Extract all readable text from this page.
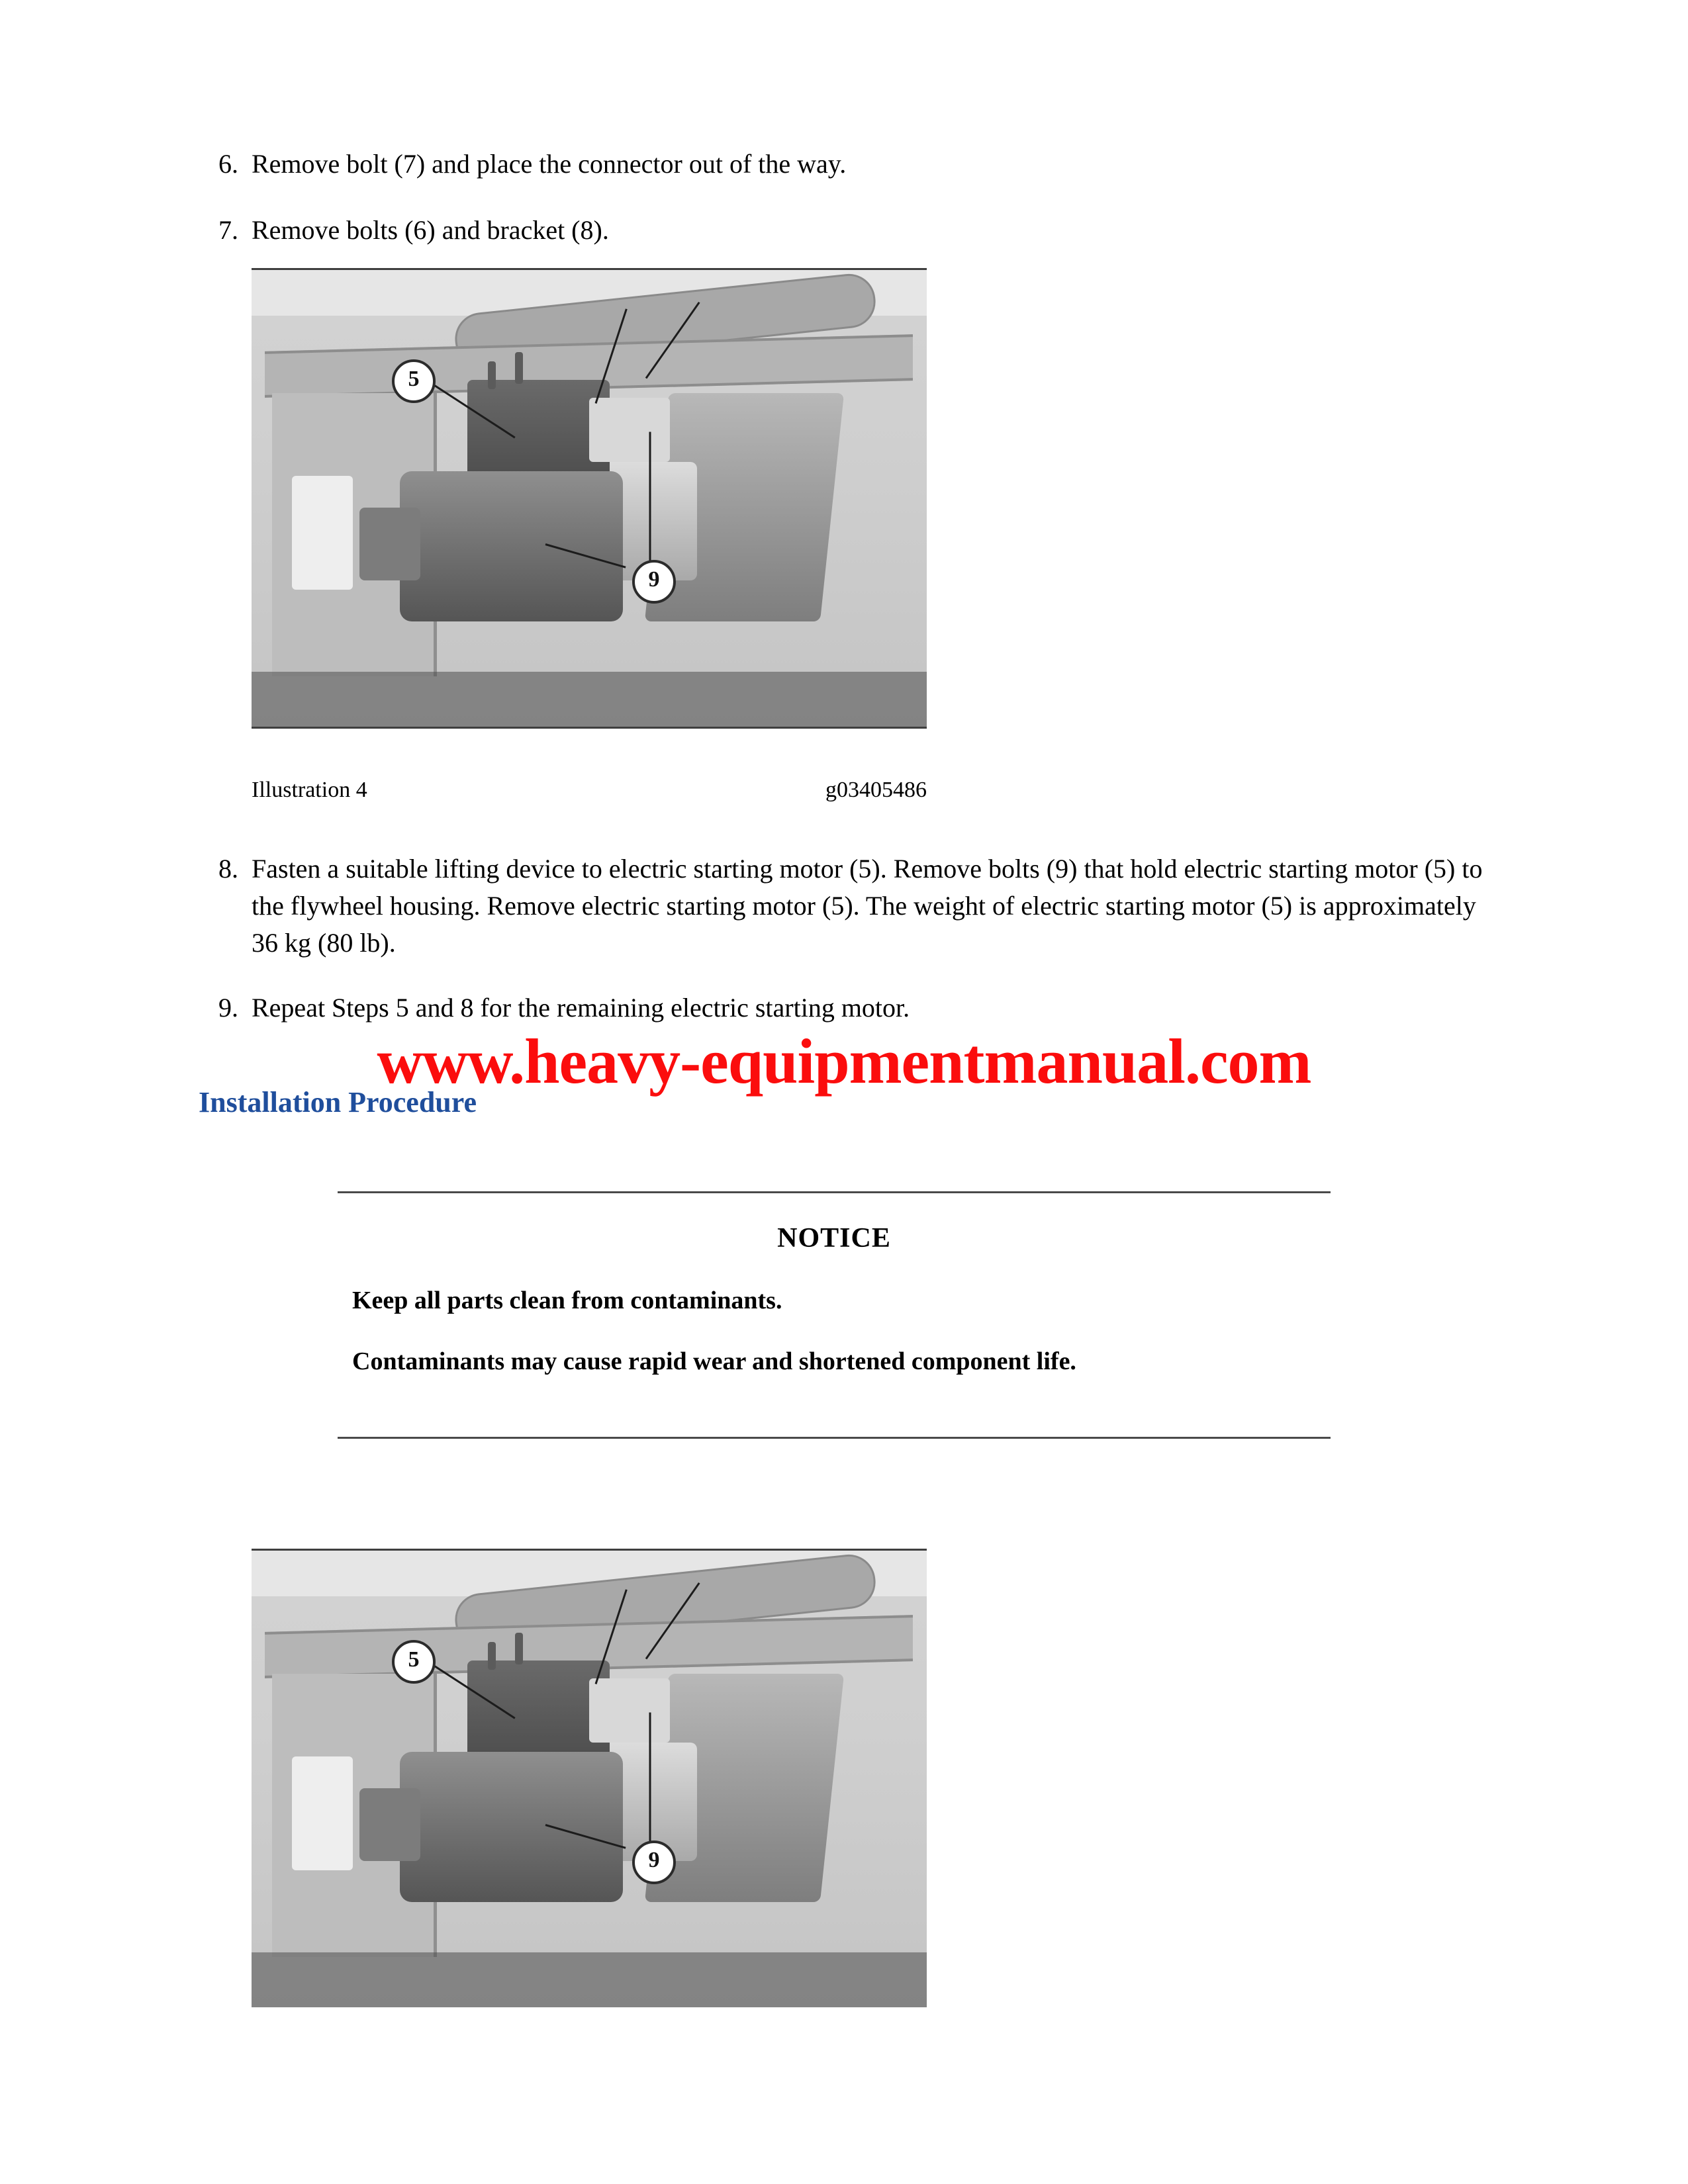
6. Remove bolt (7) and place the connector out of the way.
7. Remove bolts (6) and bracket (8).
5
9
Illustration 4	g03405486
8. Fasten a suitable lifting device to electric starting motor (5). Remove bolts (9) that hold electric starting motor (5) to the flywheel housing. Remove electric starting motor (5). The weight of electric starting motor (5) is approximately 36 kg (80 lb).
9. Repeat Steps 5 and 8 for the remaining electric starting motor.
Installation Procedure
www.heavy-equipmentmanual.com
NOTICE
Keep all parts clean from contaminants.
Contaminants may cause rapid wear and shortened component life.
5
9
